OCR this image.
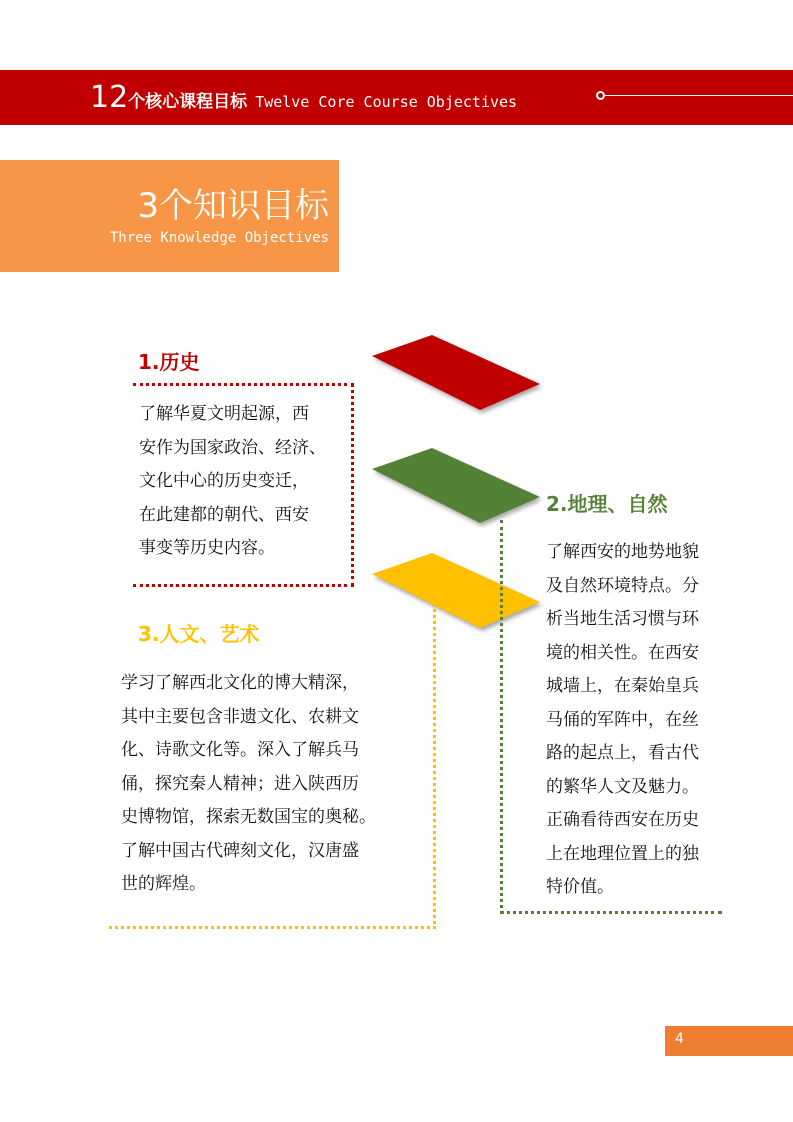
12个核心课程目标 Twelve Core Course Objectives
3个知识目标
Three Knowledge Objectives
1.历史
了解华夏文明起源，西
安作为国家政治、经济、
文化中心的历史变迁，
在此建都的朝代、西安
事变等历史内容。
2.地理、自然
了解西安的地势地貌
及自然环境特点。分
析当地生活习惯与环
境的相关性。在西安
城墙上，在秦始皇兵
马俑的军阵中，在丝
路的起点上，看古代
的繁华人文及魅力。
正确看待西安在历史
上在地理位置上的独
特价值。
3.人文、艺术
学习了解西北文化的博大精深，
其中主要包含非遗文化、农耕文
化、诗歌文化等。深入了解兵马
俑，探究秦人精神；进入陕西历
史博物馆，探索无数国宝的奥秘。
了解中国古代碑刻文化，汉唐盛
世的辉煌。
4
